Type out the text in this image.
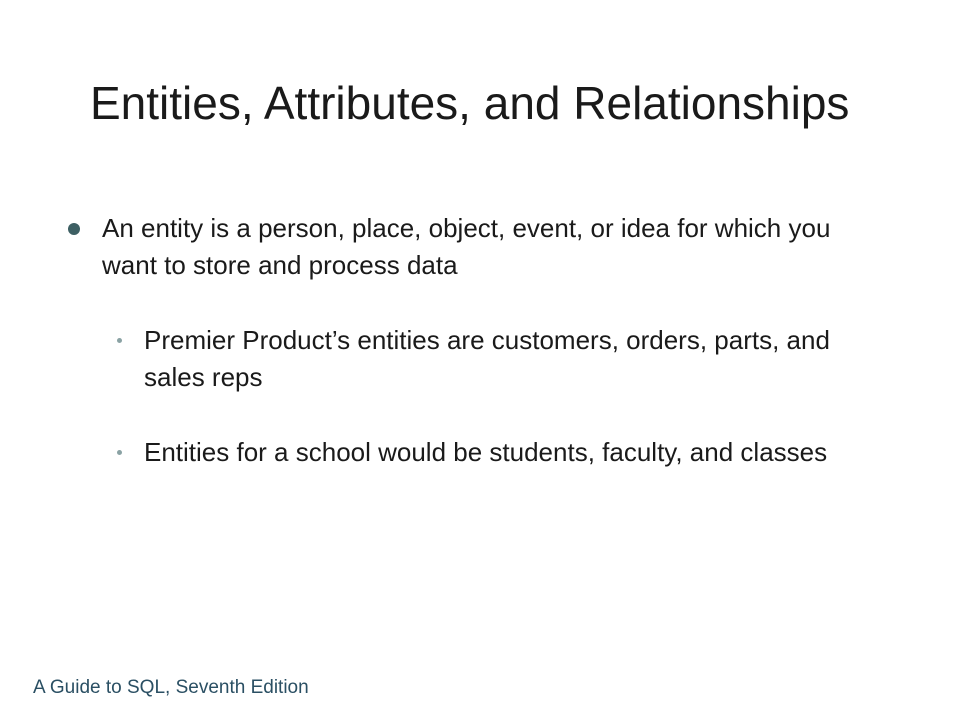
Entities, Attributes, and Relationships
An entity is a person, place, object, event, or idea for which you want to store and process data
Premier Product’s entities are customers, orders, parts, and sales reps
Entities for a school would be students, faculty, and classes
A Guide to SQL, Seventh Edition
